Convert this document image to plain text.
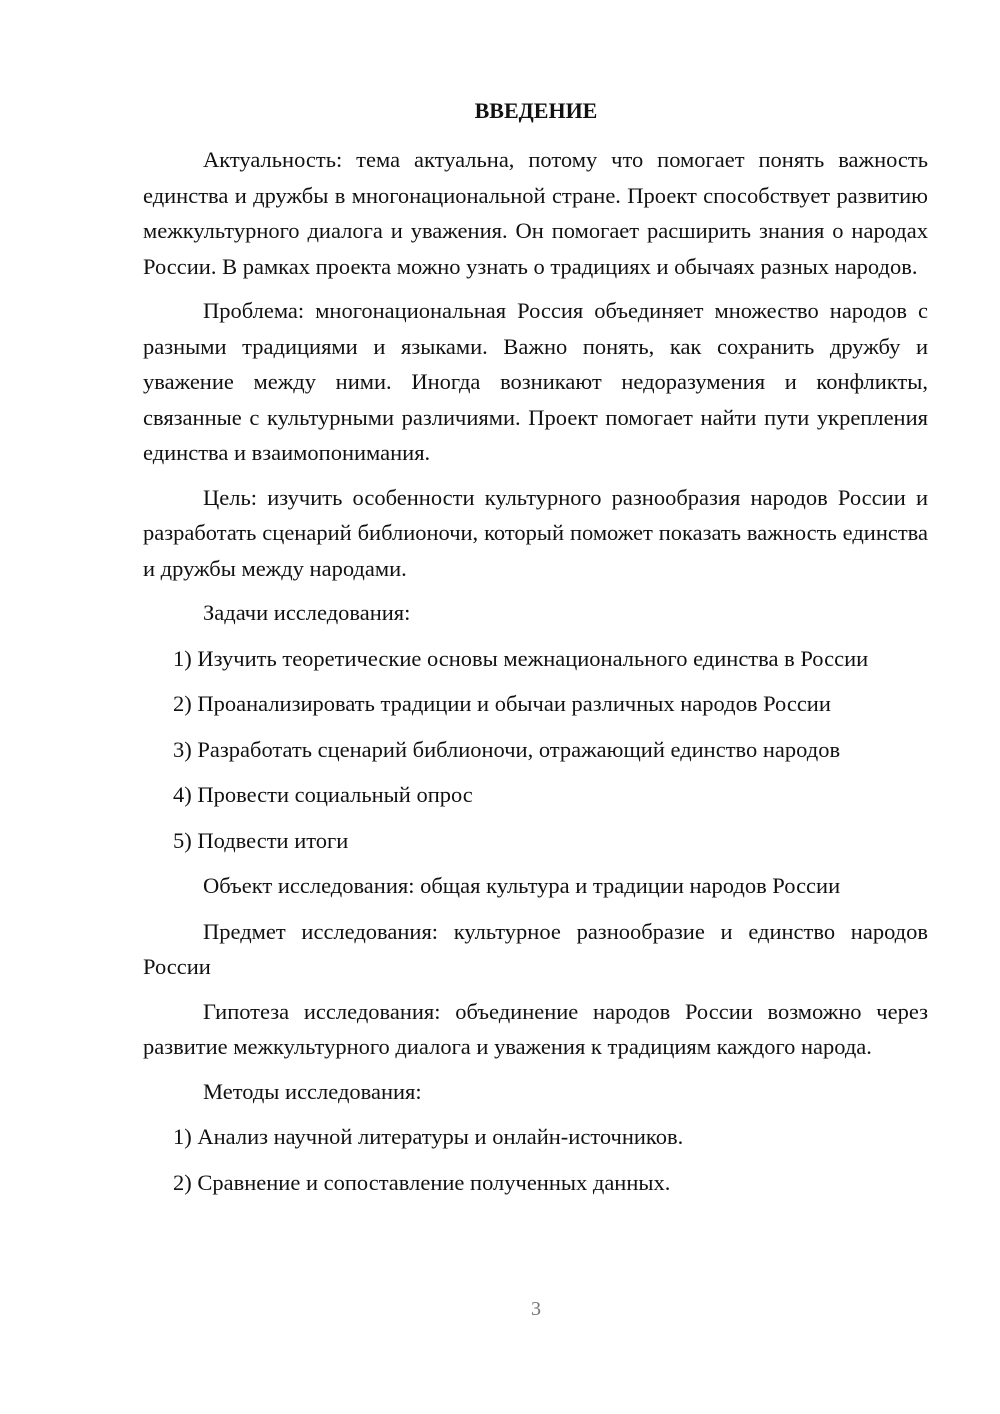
ВВЕДЕНИЕ

Актуальность: тема актуальна, потому что помогает понять важность единства и дружбы в многонациональной стране. Проект способствует развитию межкультурного диалога и уважения. Он помогает расширить знания о народах России. В рамках проекта можно узнать о традициях и обычаях разных народов.

Проблема: многонациональная Россия объединяет множество народов с разными традициями и языками. Важно понять, как сохранить дружбу и уважение между ними. Иногда возникают недоразумения и конфликты, связанные с культурными различиями. Проект помогает найти пути укрепления единства и взаимопонимания.

Цель: изучить особенности культурного разнообразия народов России и разработать сценарий библионочи, который поможет показать важность единства и дружбы между народами.

Задачи исследования:

1) Изучить теоретические основы межнационального единства в России

2) Проанализировать традиции и обычаи различных народов России

3) Разработать сценарий библионочи, отражающий единство народов

4) Провести социальный опрос

5) Подвести итоги

Объект исследования: общая культура и традиции народов России

Предмет исследования: культурное разнообразие и единство народов России

Гипотеза исследования: объединение народов России возможно через развитие межкультурного диалога и уважения к традициям каждого народа.

Методы исследования:

1) Анализ научной литературы и онлайн-источников.

2) Сравнение и сопоставление полученных данных.

3
